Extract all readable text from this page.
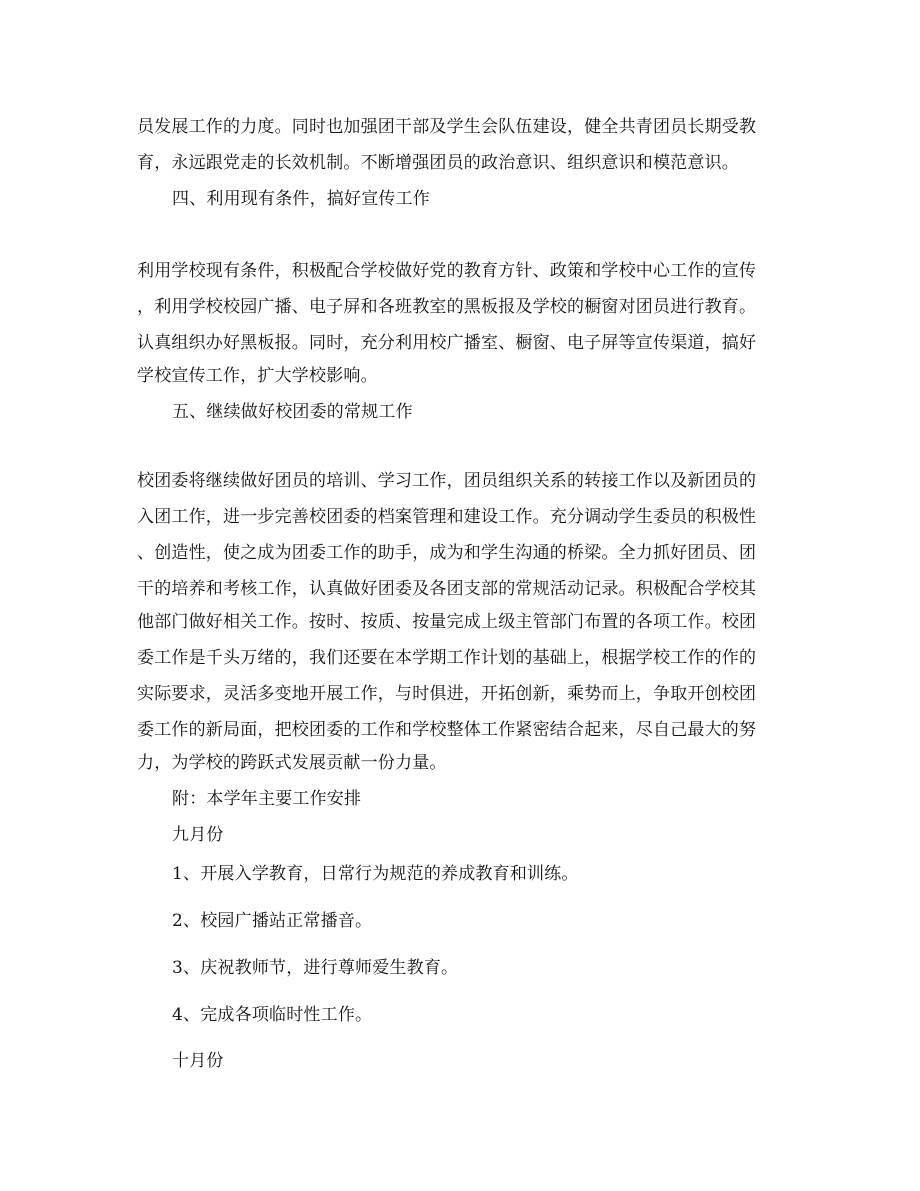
员发展工作的力度。同时也加强团干部及学生会队伍建设，健全共青团员长期受教
育，永远跟党走的长效机制。不断增强团员的政治意识、组织意识和模范意识。
四、利用现有条件，搞好宣传工作
利用学校现有条件，积极配合学校做好党的教育方针、政策和学校中心工作的宣传
，利用学校校园广播、电子屏和各班教室的黑板报及学校的橱窗对团员进行教育。
认真组织办好黑板报。同时，充分利用校广播室、橱窗、电子屏等宣传渠道，搞好
学校宣传工作，扩大学校影响。
五、继续做好校团委的常规工作
校团委将继续做好团员的培训、学习工作，团员组织关系的转接工作以及新团员的
入团工作，进一步完善校团委的档案管理和建设工作。充分调动学生委员的积极性
、创造性，使之成为团委工作的助手，成为和学生沟通的桥梁。全力抓好团员、团
干的培养和考核工作，认真做好团委及各团支部的常规活动记录。积极配合学校其
他部门做好相关工作。按时、按质、按量完成上级主管部门布置的各项工作。校团
委工作是千头万绪的，我们还要在本学期工作计划的基础上，根据学校工作的作的
实际要求，灵活多变地开展工作，与时俱进，开拓创新，乘势而上，争取开创校团
委工作的新局面，把校团委的工作和学校整体工作紧密结合起来，尽自己最大的努
力，为学校的跨跃式发展贡献一份力量。
附：本学年主要工作安排
九月份
1、开展入学教育，日常行为规范的养成教育和训练。
2、校园广播站正常播音。
3、庆祝教师节，进行尊师爱生教育。
4、完成各项临时性工作。
十月份
